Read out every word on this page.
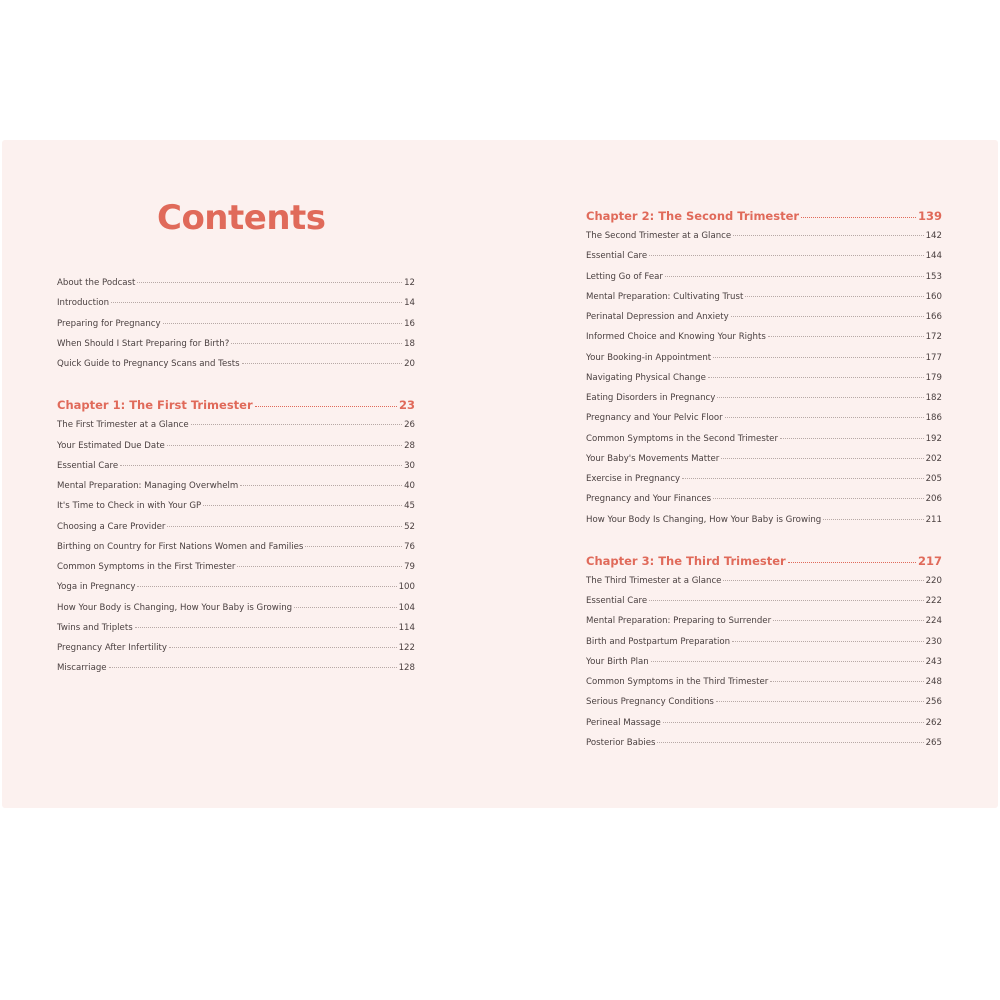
Contents
About the Podcast	12
Introduction	14
Preparing for Pregnancy	16
When Should I Start Preparing for Birth?	18
Quick Guide to Pregnancy Scans and Tests	20
Chapter 1: The First Trimester	23
The First Trimester at a Glance	26
Your Estimated Due Date	28
Essential Care	30
Mental Preparation: Managing Overwhelm	40
It's Time to Check in with Your GP	45
Choosing a Care Provider	52
Birthing on Country for First Nations Women and Families	76
Common Symptoms in the First Trimester	79
Yoga in Pregnancy	100
How Your Body is Changing, How Your Baby is Growing	104
Twins and Triplets	114
Pregnancy After Infertility	122
Miscarriage	128
Chapter 2: The Second Trimester	139
The Second Trimester at a Glance	142
Essential Care	144
Letting Go of Fear	153
Mental Preparation: Cultivating Trust	160
Perinatal Depression and Anxiety	166
Informed Choice and Knowing Your Rights	172
Your Booking-in Appointment	177
Navigating Physical Change	179
Eating Disorders in Pregnancy	182
Pregnancy and Your Pelvic Floor	186
Common Symptoms in the Second Trimester	192
Your Baby's Movements Matter	202
Exercise in Pregnancy	205
Pregnancy and Your Finances	206
How Your Body Is Changing, How Your Baby is Growing	211
Chapter 3: The Third Trimester	217
The Third Trimester at a Glance	220
Essential Care	222
Mental Preparation: Preparing to Surrender	224
Birth and Postpartum Preparation	230
Your Birth Plan	243
Common Symptoms in the Third Trimester	248
Serious Pregnancy Conditions	256
Perineal Massage	262
Posterior Babies	265
